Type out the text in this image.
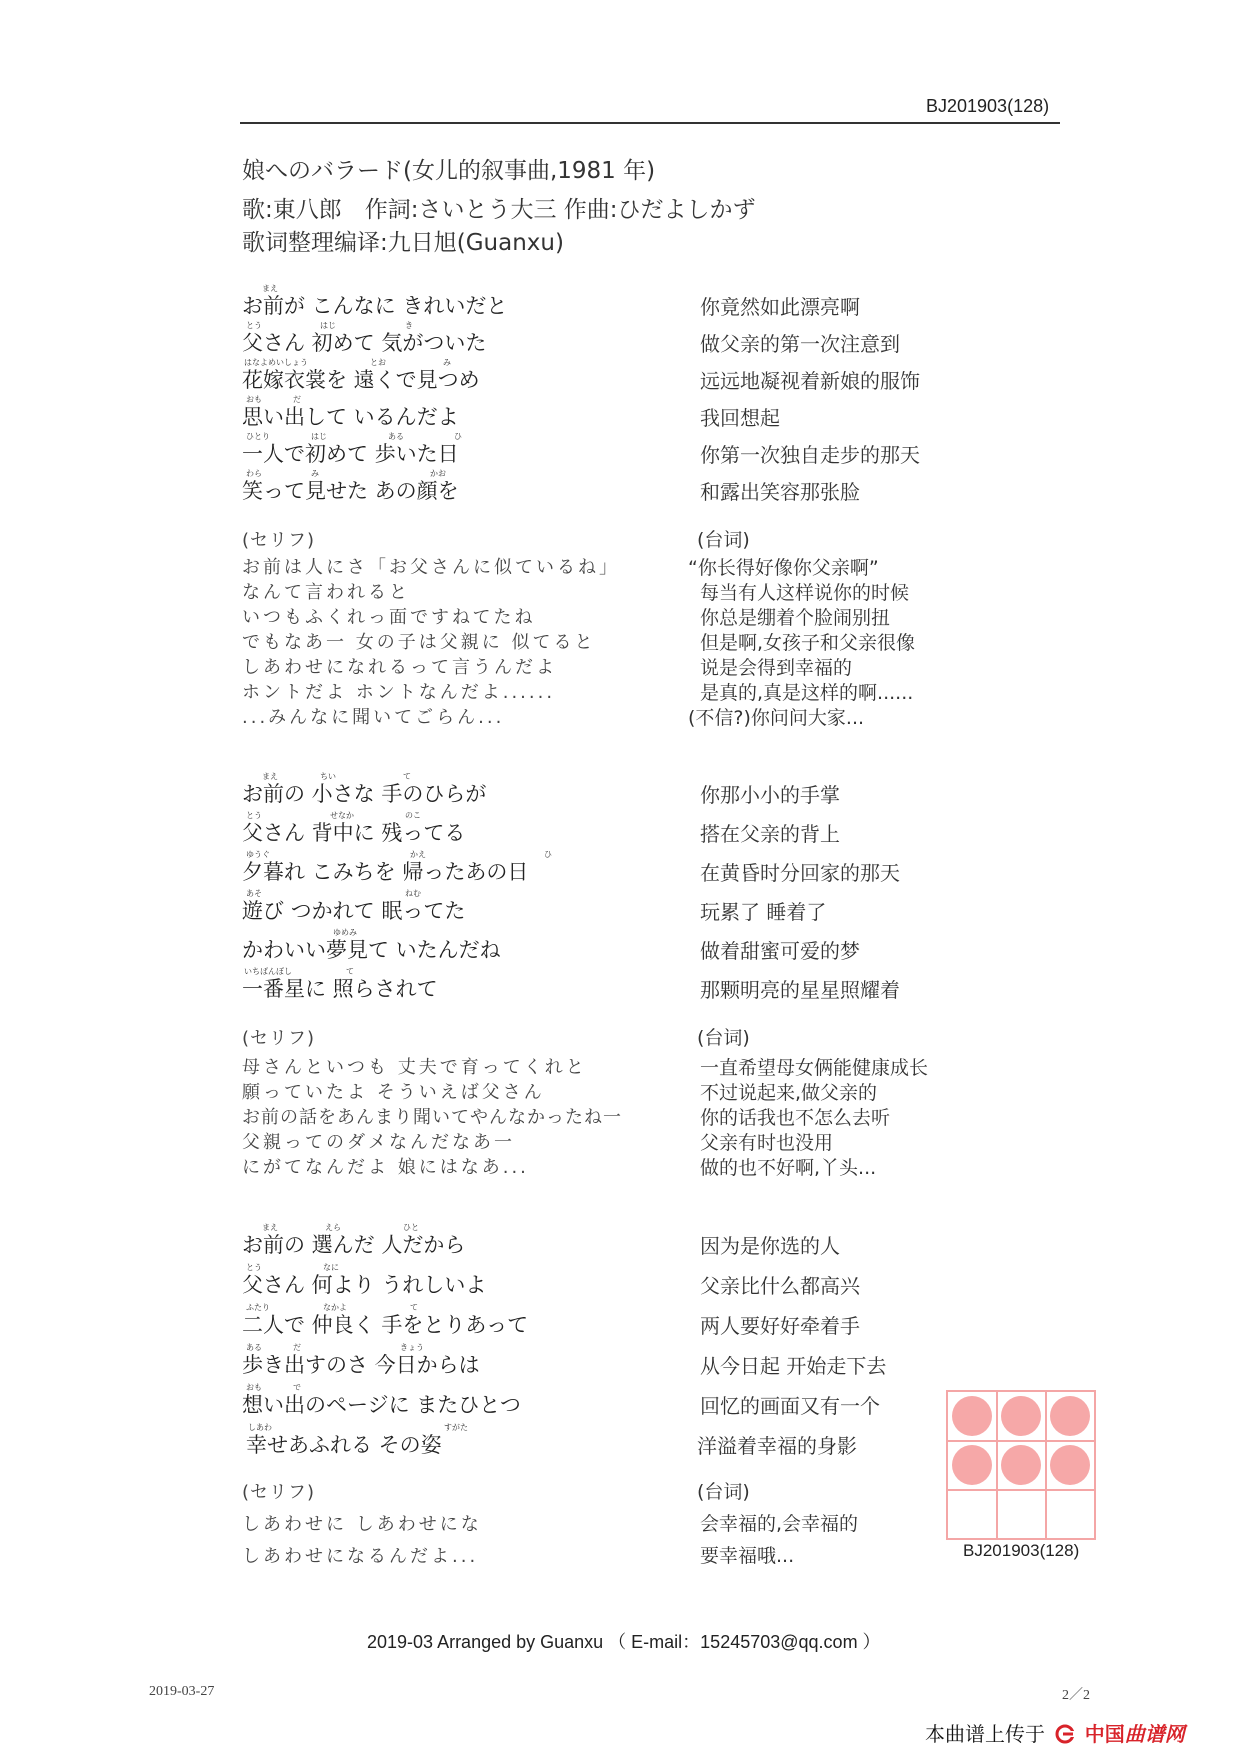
BJ201903(128)
娘へのバラード(女儿的叙事曲,1981 年)
歌:東八郎　作詞:さいとう大三 作曲:ひだよしかず
歌词整理编译:九日旭(Guanxu)
お前が こんなに きれいだと	你竟然如此漂亮啊
父さん 初めて 気がついた	做父亲的第一次注意到
花嫁衣裳を 遠くで見つめ	远远地凝视着新娘的服饰
思い出して いるんだよ	我回想起
一人で初めて 歩いた日	你第一次独自走步的那天
笑って見せた あの顔を	和露出笑容那张脸
(セリフ)	(台词)
お前は人にさ「お父さんに似ているね」	“你长得好像你父亲啊”
なんて言われると	每当有人这样说你的时候
いつもふくれっ面ですねてたね	你总是绷着个脸闹别扭
でもなあ一 女の子は父親に 似てると	但是啊,女孩子和父亲很像
しあわせになれるって言うんだよ	说是会得到幸福的
ホントだよ ホントなんだよ......	是真的,真是这样的啊......
...みんなに聞いてごらん...	(不信?)你问问大家...
お前の 小さな 手のひらが	你那小小的手掌
父さん 背中に 残ってる	搭在父亲的背上
夕暮れ こみちを 帰ったあの日	在黄昏时分回家的那天
遊び つかれて 眠ってた	玩累了 睡着了
かわいい夢見て いたんだね	做着甜蜜可爱的梦
一番星に 照らされて	那颗明亮的星星照耀着
(セリフ)	(台词)
母さんといつも 丈夫で育ってくれと	一直希望母女俩能健康成长
願っていたよ そういえば父さん	不过说起来,做父亲的
お前の話をあんまり聞いてやんなかったね一	你的话我也不怎么去听
父親ってのダメなんだなあ一	父亲有时也没用
にがてなんだよ 娘にはなあ...	做的也不好啊,丫头...
お前の 選んだ 人だから	因为是你选的人
父さん 何より うれしいよ	父亲比什么都高兴
二人で 仲良く 手をとりあって	两人要好好牵着手
歩き出すのさ 今日からは	从今日起 开始走下去
想い出のページに またひとつ	回忆的画面又有一个
幸せあふれる その姿	洋溢着幸福的身影
(セリフ)	(台词)
しあわせに しあわせにな	会幸福的,会幸福的
しあわせになるんだよ...	要幸福哦...
まえ
とう	はじ	き
はなよめいしょう	とお	み
おも	だ
ひとり	はじ	ある	ひ
わら	み	かお
まえ	ちい	て
とう	せなか	のこ
ゆうぐ	かえ	ひ
あそ	ねむ
ゆめみ
いちばんぼし	て
まえ	えら	ひと
とう	なに
ふたり	なかよ	て
ある	だ	きょう
おも	で
しあわ	すがた
九 日 旭
BJ201903(128)
2019-03 Arranged by Guanxu （ E-mail：15245703@qq.com ）
2019-03-27	2／2
本曲谱上传于 中国曲谱网
